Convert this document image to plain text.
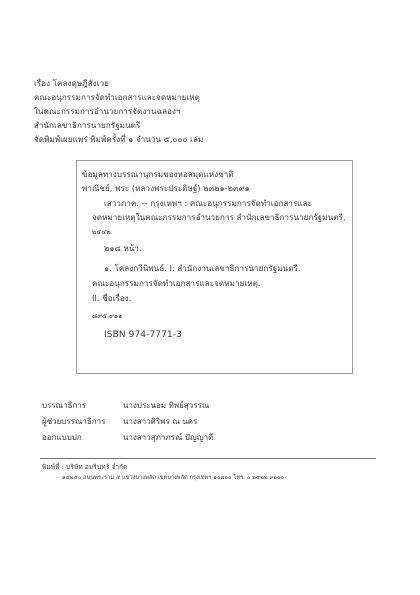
เรื่อง โคลงดุษฎีสังเวย
คณะอนุกรรมการจัดทำเอกสารและจดหมายเหตุ
ในคณะกรรมการอำนวยการจัดงานฉลองฯ
สำนักเลขาธิการนายกรัฐมนตรี
จัดพิมพ์เผยแพร่ พิมพ์ครั้งที่ ๑ จำนวน ๕,๐๐๐ เล่ม
ข้อมูลทางบรรณานุกรมของหอสมุดแห่งชาติ
พาณิชย์, พระ (หลวงพระประดิษฐ์) ๒๓๒๑-๒๓๙๑
เสาวภาค. -- กรุงเทพฯ : คณะอนุกรรมการจัดทำเอกสารและ
จดหมายเหตุในคณะกรรมการอำนวยการ สำนักเลขาธิการนายกรัฐมนตรี,
๒๕๔๒.
๒๑๘ หน้า.
๑. โคลงกวีนิพนธ์. I. สำนักงานเลขาธิการนายกรัฐมนตรี.
คณะอนุกรรมการจัดทำเอกสารและจดหมายเหตุ.
II. ชื่อเรื่อง.
๘๙๕.๙๑๑
ISBN 974-7771-3
บรรณาธิการ	นางประนอม ทิพย์สุวรรณ
ผู้ช่วยบรรณาธิการ นางสาวศิริพร ณ นคร
ออกแบบปก	นางสาวสุภาภรณ์ ปัญญาดี
พิมพ์ที่ : บริษัท อมรินทร์ จำกัด
๑๔๒๕๐ ถนนพระราม ๕ แขวงบางพลัด เขตบางพลัด กรุงเทพฯ ๑๐๗๐๐ โทร. ๐ ๒๔๒๒ ๙๐๐๐
